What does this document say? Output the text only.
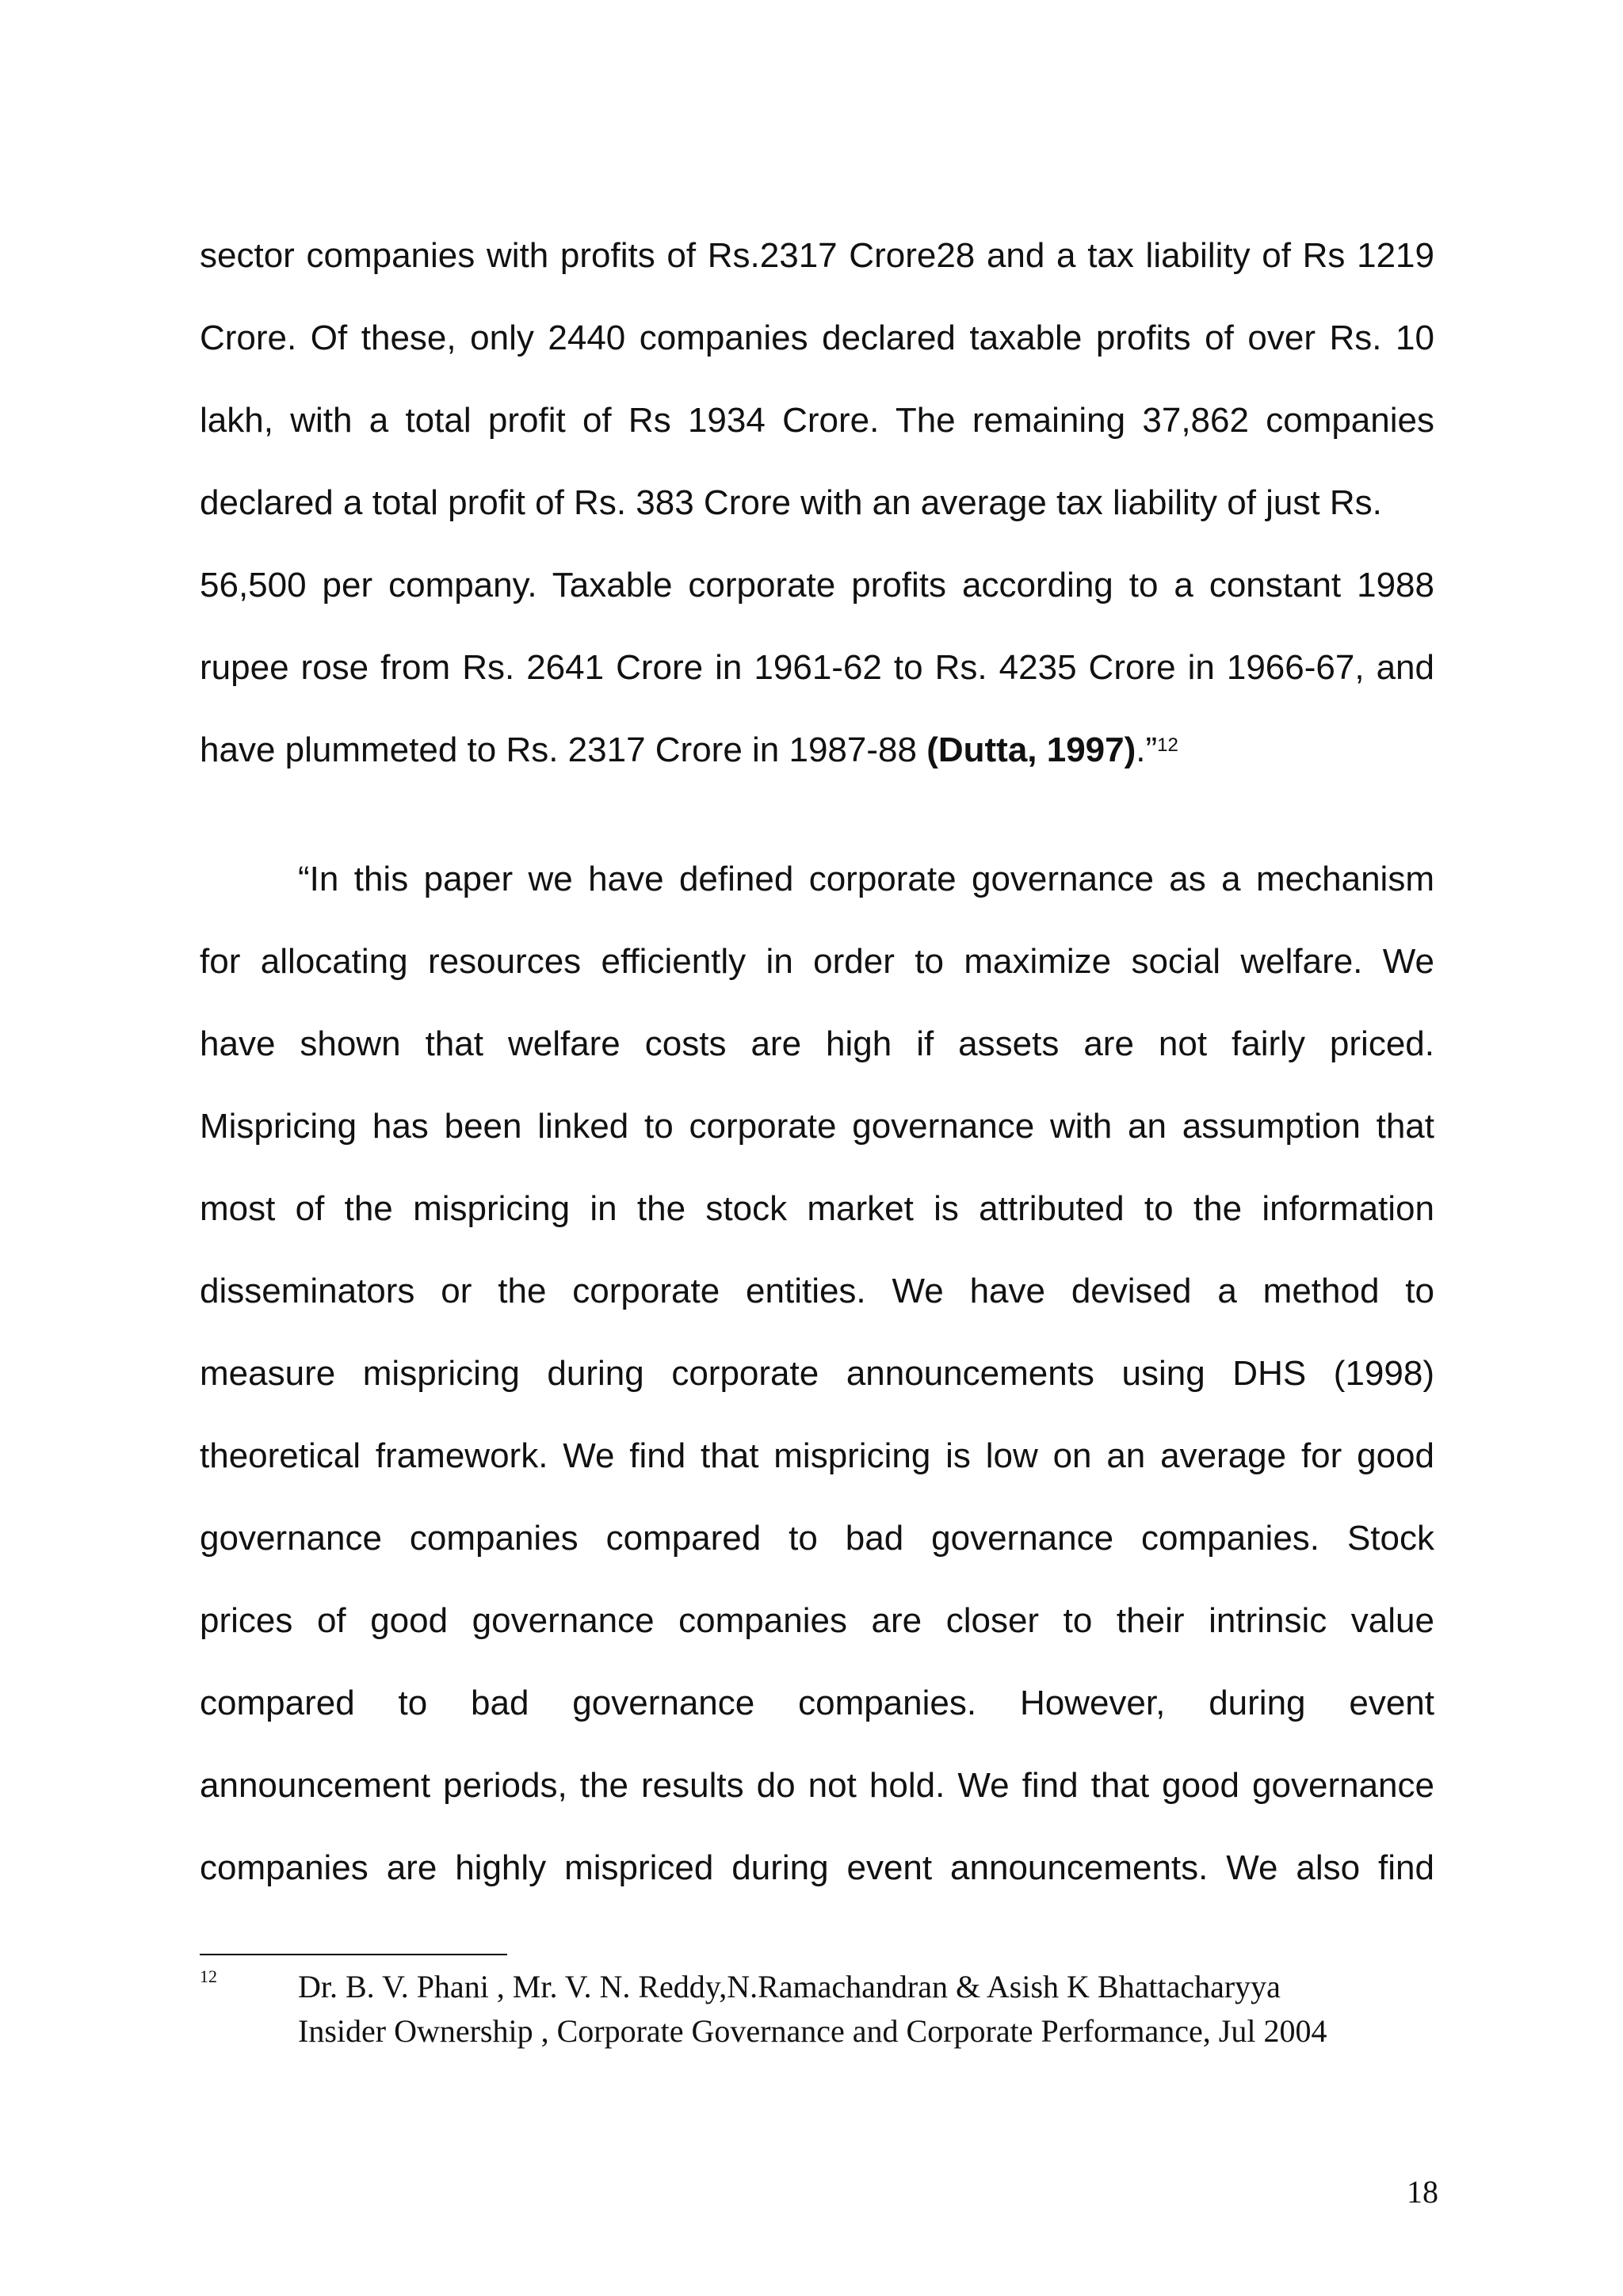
sector companies with profits of Rs.2317 Crore28 and a tax liability of Rs 1219
Crore. Of these, only 2440 companies declared taxable profits of over Rs. 10
lakh, with a total profit of Rs 1934 Crore. The remaining 37,862 companies
declared a total profit of Rs. 383 Crore with an average tax liability of just Rs.
56,500 per company. Taxable corporate profits according to a constant 1988
rupee rose from Rs. 2641 Crore in 1961-62 to Rs. 4235 Crore in 1966-67, and
have plummeted to Rs. 2317 Crore in 1987-88 (Dutta, 1997).”$^{12}$
“In this paper we have defined corporate governance as a mechanism
for allocating resources efficiently in order to maximize social welfare. We
have shown that welfare costs are high if assets are not fairly priced.
Mispricing has been linked to corporate governance with an assumption that
most of the mispricing in the stock market is attributed to the information
disseminators or the corporate entities. We have devised a method to
measure mispricing during corporate announcements using DHS (1998)
theoretical framework. We find that mispricing is low on an average for good
governance companies compared to bad governance companies. Stock
prices of good governance companies are closer to their intrinsic value
compared to bad governance companies. However, during event
announcement periods, the results do not hold. We find that good governance
companies are highly mispriced during event announcements. We also find
12	Dr. B. V. Phani , Mr. V. N. Reddy,N.Ramachandran & Asish K Bhattacharyya
Insider Ownership , Corporate Governance and Corporate Performance, Jul 2004
18
